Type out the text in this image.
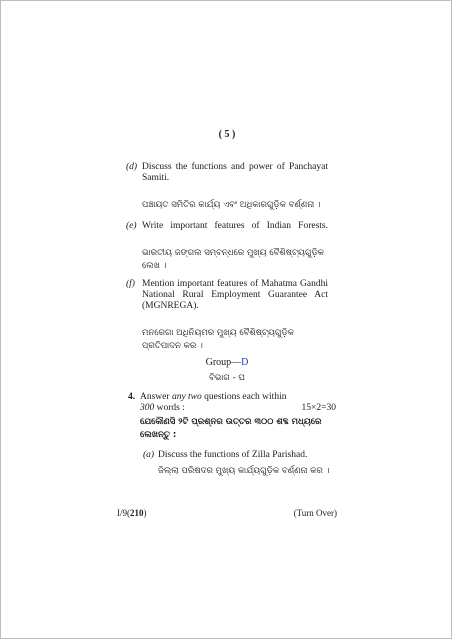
( 5 )
(d) Discuss the functions and power of Panchayat Samiti.
ପଞ୍ଚାୟତ ସମିତିର କାର୍ଯ୍ୟ ଏବଂ ଅଧିକାରଗୁଡ଼ିକ ବର୍ଣ୍ଣନା ।
(e) Write important features of Indian Forests.
ଭାରତୀୟ ଜଙ୍ଗଲ ସମ୍ବନ୍ଧରେ ମୁଖ୍ୟ ବୈଶିଷ୍ଟ୍ୟଗୁଡ଼ିକ ଲେଖ ।
(f) Mention important features of Mahatma Gandhi National Rural Employment Guarantee Act (MGNREGA).
ମନରେଗା ଅଧିନିୟମର ମୁଖ୍ୟ ବୈଶିଷ୍ଟ୍ୟଗୁଡ଼ିକ ପ୍ରତିପାଦନ କର ।
Group—D
ବିଭାଗ - ଘ
4. Answer any two questions each within
300 words :	15×2=30
ଯେକୌଣସି ୨ଟି ପ୍ରଶ୍ନର ଉତ୍ତର ୩୦୦ ଶବ୍ଦ ମଧ୍ୟରେ ଲେଖନ୍ତୁ :
(a) Discuss the functions of Zilla Parishad.
ଜିଲ୍ଲା ପରିଷଦର ମୁଖ୍ୟ କାର୍ଯ୍ୟଗୁଡ଼ିକ ବର୍ଣ୍ଣନା କର ।
I/9(210)	(Turn Over)
